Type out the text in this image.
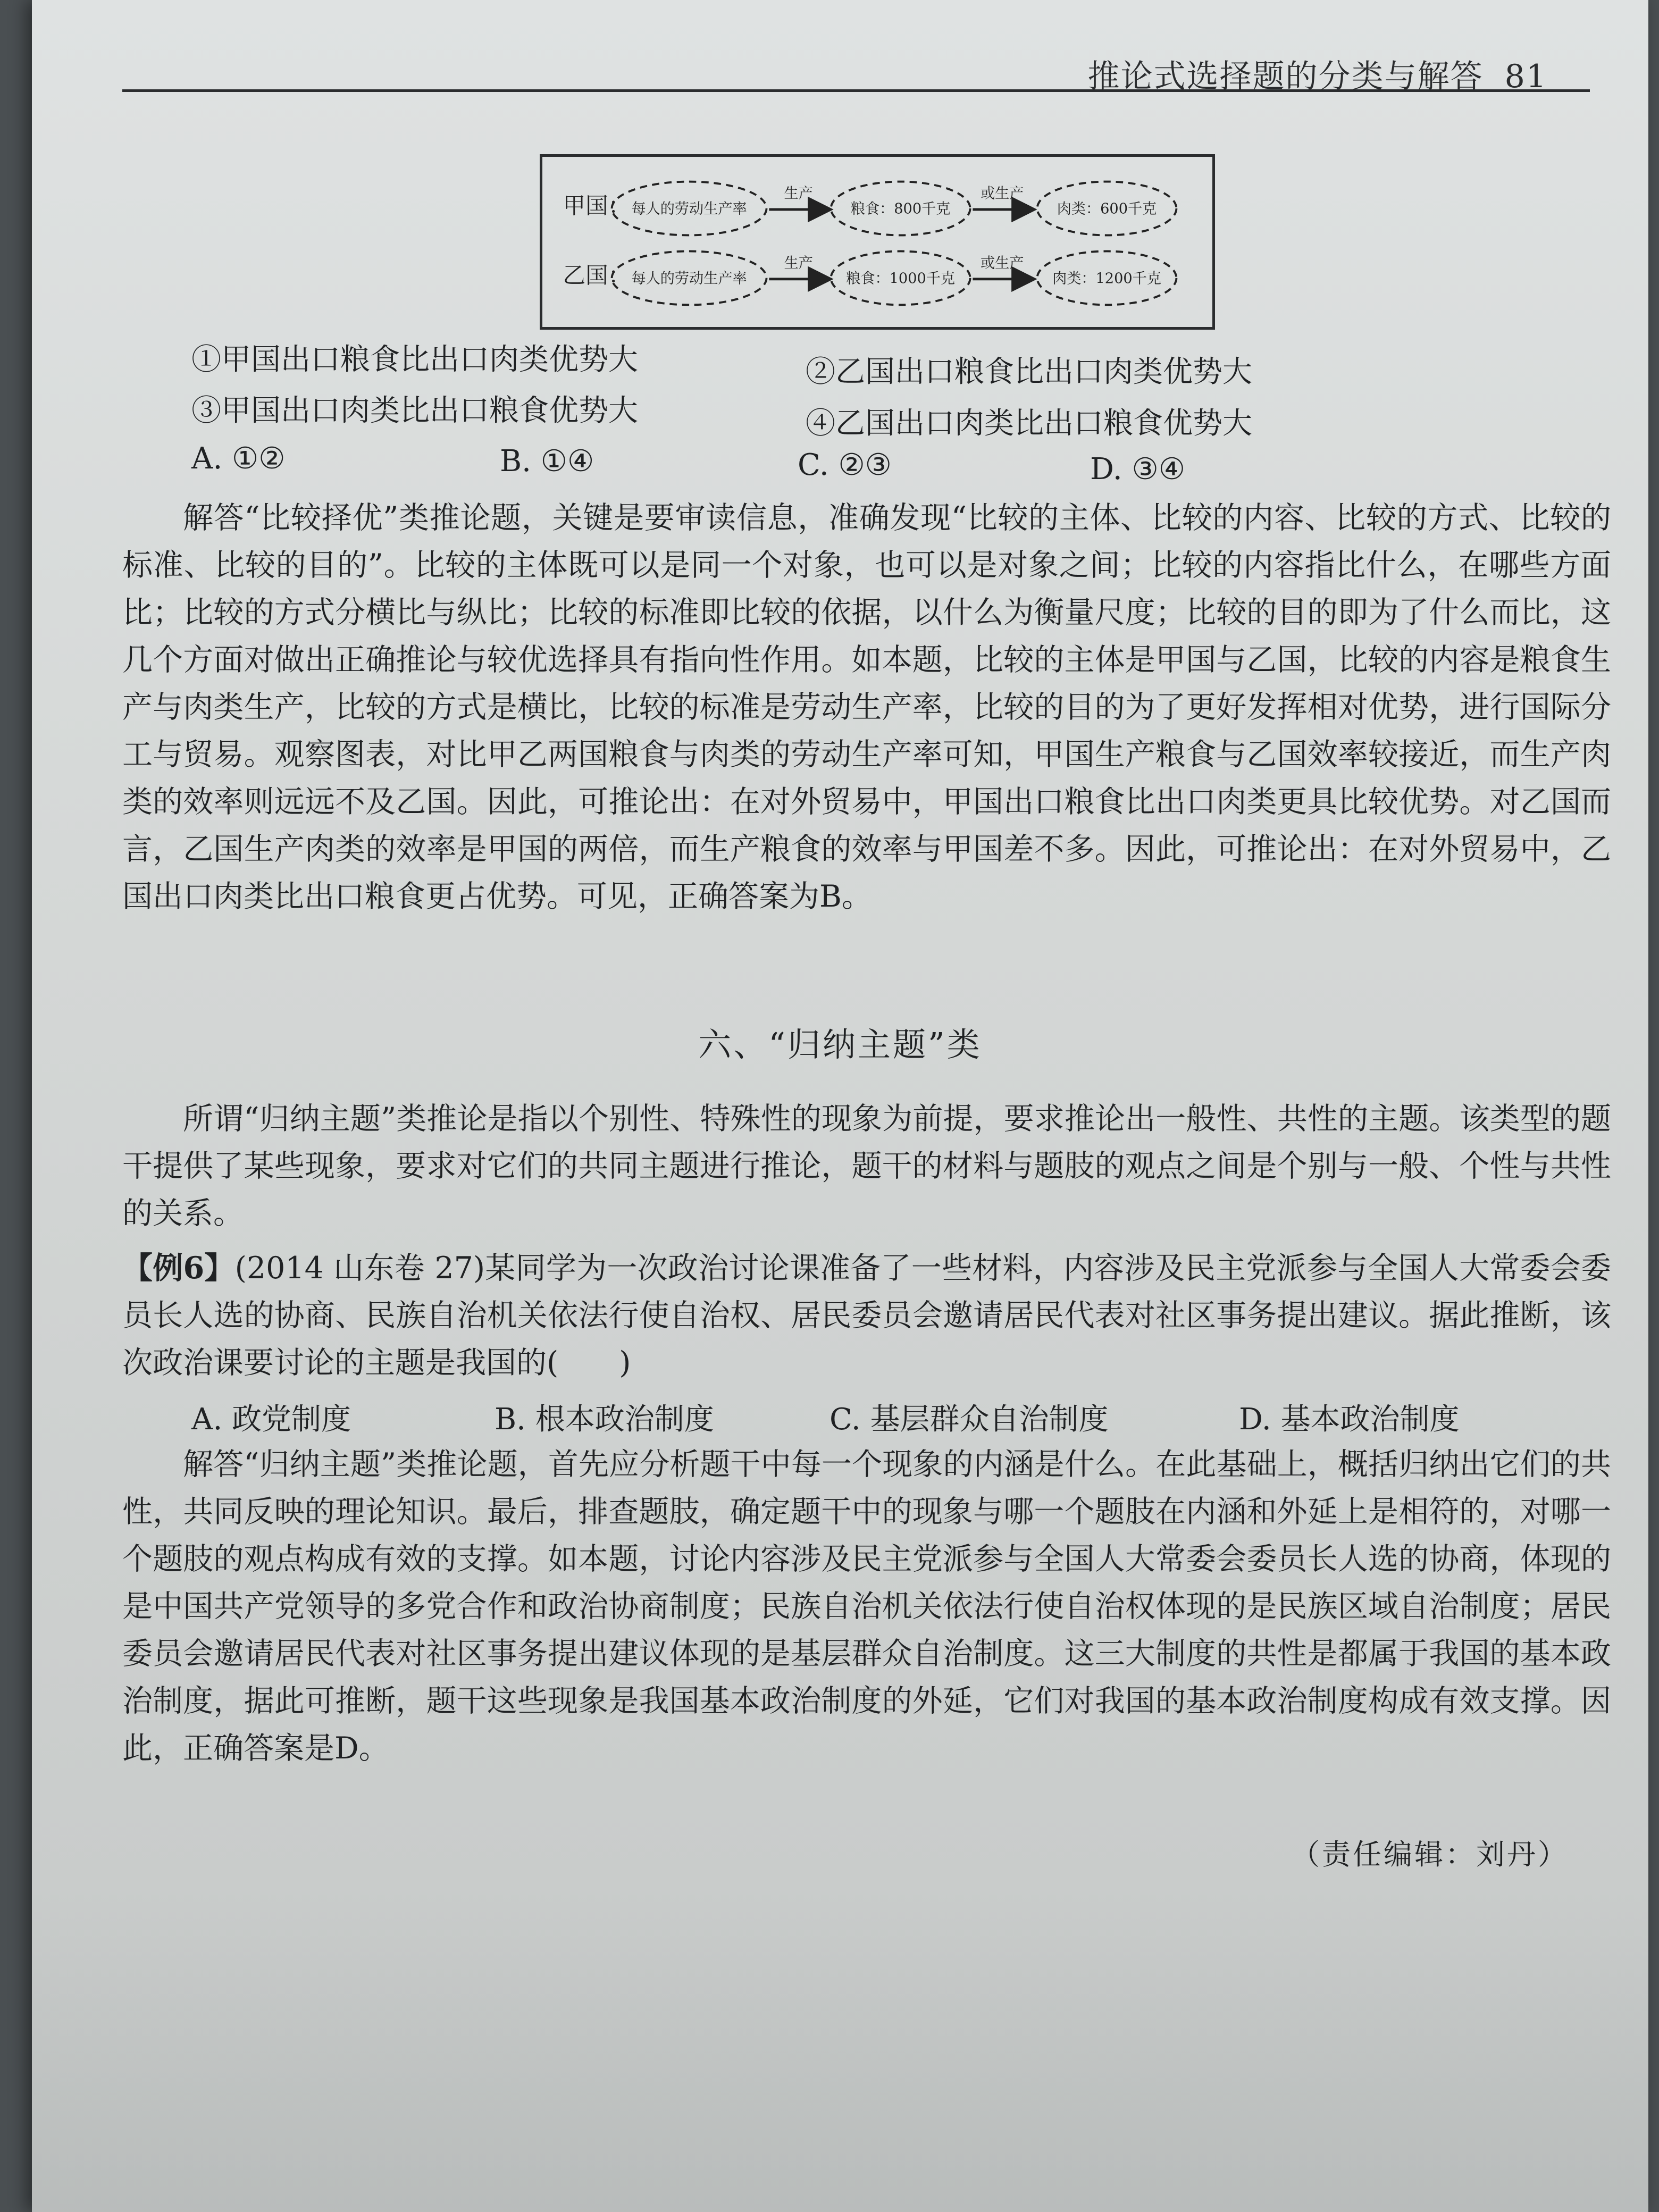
推论式选择题的分类与解答 81
甲国： 每人的劳动生产率
生产
粮食：800千克
或生产
肉类：600千克
乙国： 每人的劳动生产率
生产
粮食：1000千克
或生产
肉类：1200千克
①甲国出口粮食比出口肉类优势大	②乙国出口粮食比出口肉类优势大
③甲国出口肉类比出口粮食优势大	④乙国出口肉类比出口粮食优势大
A. ①②	B. ①④	C. ②③	D. ③④
解答“比较择优”类推论题，关键是要审读信息，准确发现“比较的主体、比较的内容、比较的方式、比较的标准、比较的目的”。比较的主体既可以是同一个对象，也可以是对象之间；比较的内容指比什么，在哪些方面比；比较的方式分横比与纵比；比较的标准即比较的依据，以什么为衡量尺度；比较的目的即为了什么而比，这几个方面对做出正确推论与较优选择具有指向性作用。如本题，比较的主体是甲国与乙国，比较的内容是粮食生产与肉类生产，比较的方式是横比，比较的标准是劳动生产率，比较的目的为了更好发挥相对优势，进行国际分工与贸易。观察图表，对比甲乙两国粮食与肉类的劳动生产率可知，甲国生产粮食与乙国效率较接近，而生产肉类的效率则远远不及乙国。因此，可推论出：在对外贸易中，甲国出口粮食比出口肉类更具比较优势。对乙国而言，乙国生产肉类的效率是甲国的两倍，而生产粮食的效率与甲国差不多。因此，可推论出：在对外贸易中，乙国出口肉类比出口粮食更占优势。可见，正确答案为B。
六、“归纳主题”类
所谓“归纳主题”类推论是指以个别性、特殊性的现象为前提，要求推论出一般性、共性的主题。该类型的题干提供了某些现象，要求对它们的共同主题进行推论，题干的材料与题肢的观点之间是个别与一般、个性与共性的关系。
【例6】(2014 山东卷 27)某同学为一次政治讨论课准备了一些材料，内容涉及民主党派参与全国人大常委会委员长人选的协商、民族自治机关依法行使自治权、居民委员会邀请居民代表对社区事务提出建议。据此推断，该次政治课要讨论的主题是我国的(　　)
A. 政党制度	B. 根本政治制度	C. 基层群众自治制度	D. 基本政治制度
解答“归纳主题”类推论题，首先应分析题干中每一个现象的内涵是什么。在此基础上，概括归纳出它们的共性，共同反映的理论知识。最后，排查题肢，确定题干中的现象与哪一个题肢在内涵和外延上是相符的，对哪一个题肢的观点构成有效的支撑。如本题，讨论内容涉及民主党派参与全国人大常委会委员长人选的协商，体现的是中国共产党领导的多党合作和政治协商制度；民族自治机关依法行使自治权体现的是民族区域自治制度；居民委员会邀请居民代表对社区事务提出建议体现的是基层群众自治制度。这三大制度的共性是都属于我国的基本政治制度，据此可推断，题干这些现象是我国基本政治制度的外延，它们对我国的基本政治制度构成有效支撑。因此，正确答案是D。
（责任编辑：刘丹）
